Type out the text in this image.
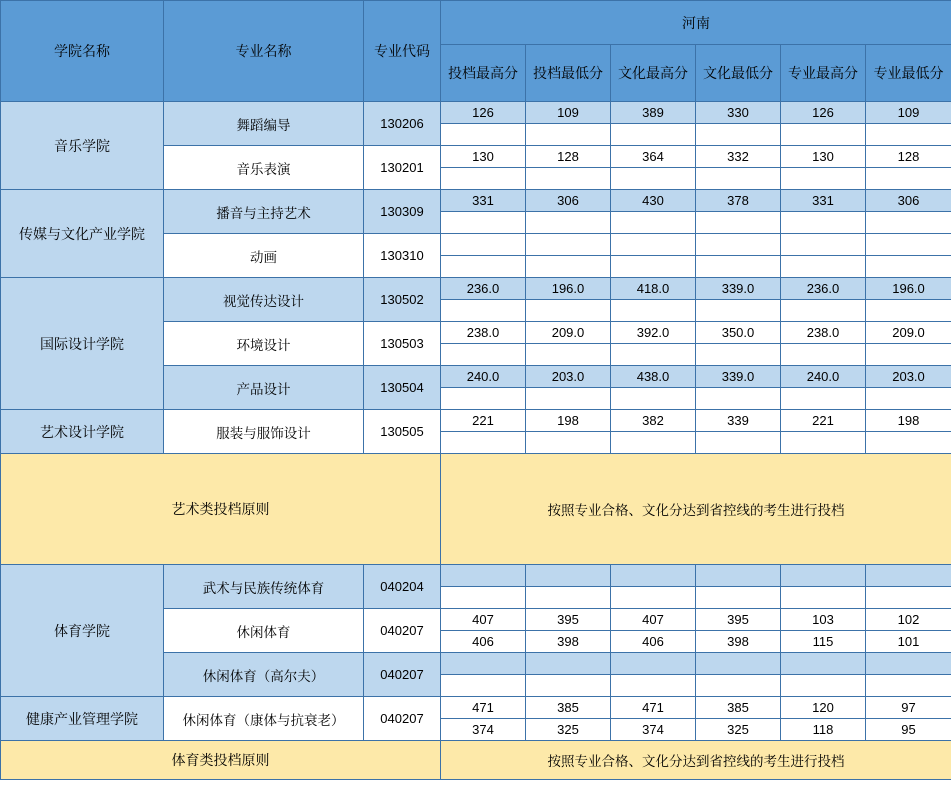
学院名称	专业名称	专业代码	河南					
			投档最高分	投档最低分	文化最高分	文化最低分	专业最高分	专业最低分
音乐学院	舞蹈编导	130206	126	109	389	330	126	109

	音乐表演	130201	130	128	364	332	130	128

传媒与文化产业学院	播音与主持艺术	130309	331	306	430	378	331	306

	动画	130310						

国际设计学院	视觉传达设计	130502	236.0	196.0	418.0	339.0	236.0	196.0

	环境设计	130503	238.0	209.0	392.0	350.0	238.0	209.0

	产品设计	130504	240.0	203.0	438.0	339.0	240.0	203.0

艺术设计学院	服装与服饰设计	130505	221	198	382	339	221	198

艺术类投档原则			按照专业合格、文化分达到省控线的考生进行投档					
体育学院	武术与民族传统体育	040204						

	休闲体育	040207	407	395	407	395	103	102
			406	398	406	398	115	101
	休闲体育（高尔夫）	040207						

健康产业管理学院	休闲体育（康体与抗衰老）	040207	471	385	471	385	120	97
			374	325	374	325	118	95
体育类投档原则			按照专业合格、文化分达到省控线的考生进行投档					
